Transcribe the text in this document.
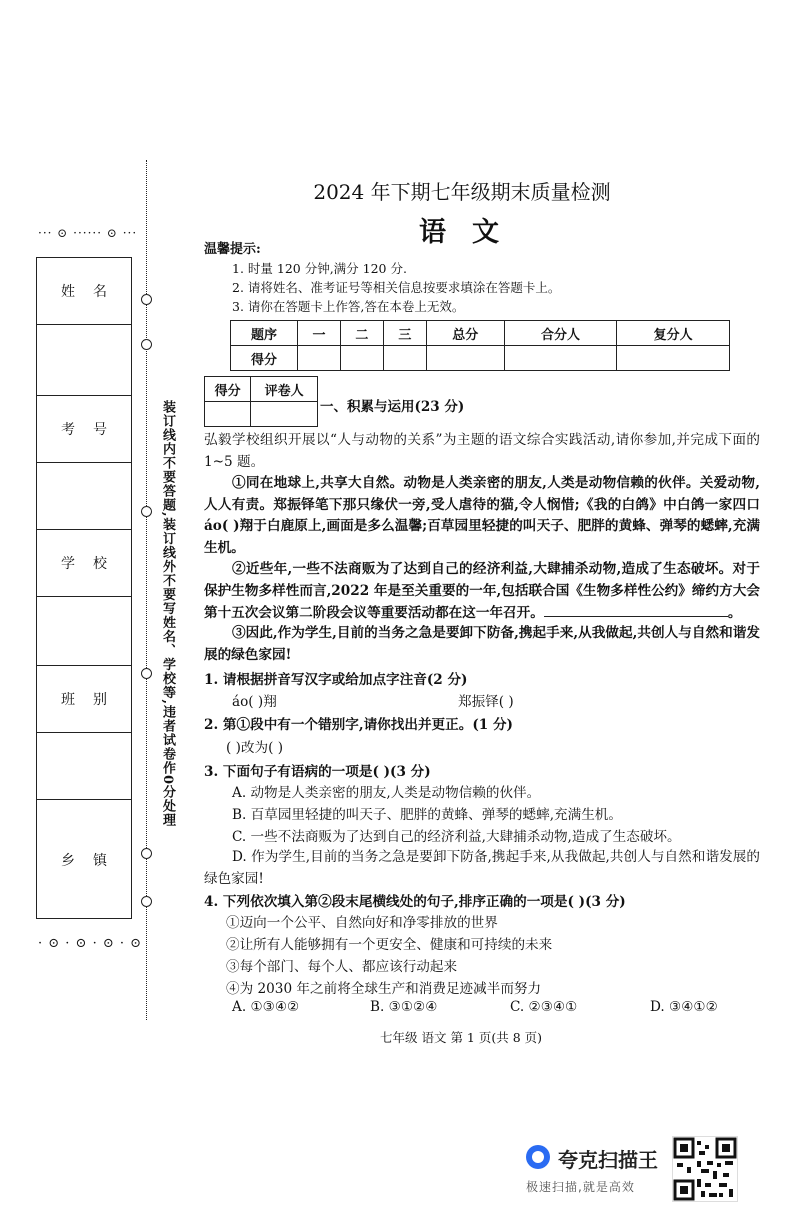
··· ⊙ ······ ⊙ ···
姓名
考号
学校
班别
乡镇
· ⊙ · ⊙ · ⊙ · ⊙
装订线内不要答题,装订线外不要写姓名、学校等,违者试卷作0分处理
2024 年下期七年级期末质量检测
语文
温馨提示:
1. 时量 120 分钟,满分 120 分.
2. 请将姓名、准考证号等相关信息按要求填涂在答题卡上。
3. 请你在答题卡上作答,答在本卷上无效。
题序	一	二	三	总分	合分人	复分人
得分						
得分	评卷人

一、积累与运用(23 分)
弘毅学校组织开展以“人与动物的关系”为主题的语文综合实践活动,请你参加,并完成下面的 1~5 题。
①同在地球上,共享大自然。动物是人类亲密的朋友,人类是动物信赖的伙伴。关爱动物,人人有责。郑振铎笔下那只缘伏一旁,受人虐待的猫,令人悯惜;《我的白鸽》中白鸽一家四口áo( )翔于白鹿原上,画面是多么温馨;百草园里轻捷的叫天子、肥胖的黄蜂、弹琴的蟋蟀,充满生机。
②近些年,一些不法商贩为了达到自己的经济利益,大肆捕杀动物,造成了生态破坏。对于保护生物多样性而言,2022 年是至关重要的一年,包括联合国《生物多样性公约》缔约方大会第十五次会议第二阶段会议等重要活动都在这一年召开。	。
③因此,作为学生,目前的当务之急是要卸下防备,携起手来,从我做起,共创人与自然和谐发展的绿色家园!
1. 请根据拼音写汉字或给加点字注音(2 分)
áo( )翔	郑振铎( )
2. 第①段中有一个错别字,请你找出并更正。(1 分)
( )改为( )
3. 下面句子有语病的一项是( )(3 分)
A. 动物是人类亲密的朋友,人类是动物信赖的伙伴。
B. 百草园里轻捷的叫天子、肥胖的黄蜂、弹琴的蟋蟀,充满生机。
C. 一些不法商贩为了达到自己的经济利益,大肆捕杀动物,造成了生态破坏。
D. 作为学生,目前的当务之急是要卸下防备,携起手来,从我做起,共创人与自然和谐发展的绿色家园!
4. 下列依次填入第②段末尾横线处的句子,排序正确的一项是( )(3 分)
①迈向一个公平、自然向好和净零排放的世界
②让所有人能够拥有一个更安全、健康和可持续的未来
③每个部门、每个人、都应该行动起来
④为 2030 年之前将全球生产和消费足迹减半而努力
A. ①③④②	B. ③①②④	C. ②③④①	D. ③④①②
七年级 语文 第 1 页(共 8 页)
夸克扫描王
极速扫描,就是高效
